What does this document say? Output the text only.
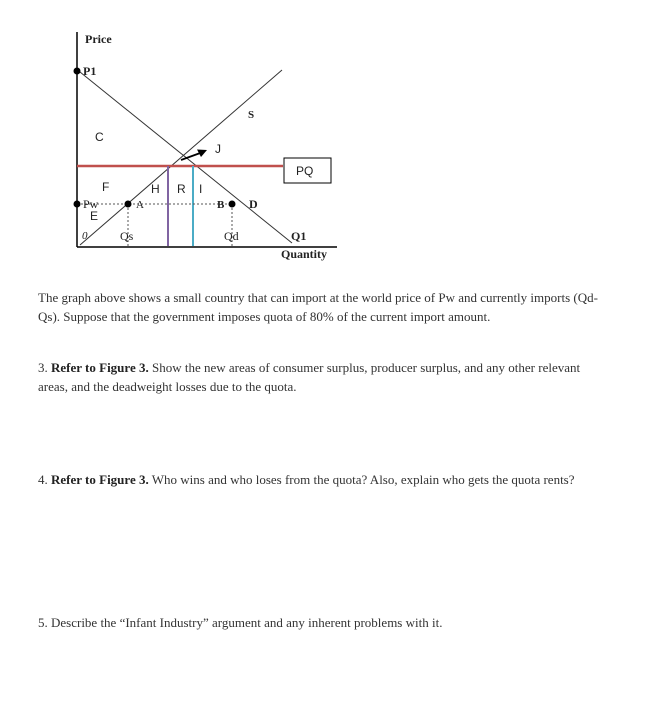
Price
P1
Pw
C
F
E
A
H R I
J
B D
S
PQ
0	Qs	Qd	Q1
Quantity

The graph above shows a small country that can import at the world price of Pw and currently imports (Qd-Qs). Suppose that the government imposes quota of 80% of the current import amount.

3. Refer to Figure 3. Show the new areas of consumer surplus, producer surplus, and any other relevant areas, and the deadweight losses due to the quota.

4. Refer to Figure 3. Who wins and who loses from the quota? Also, explain who gets the quota rents?

5. Describe the “Infant Industry” argument and any inherent problems with it.
